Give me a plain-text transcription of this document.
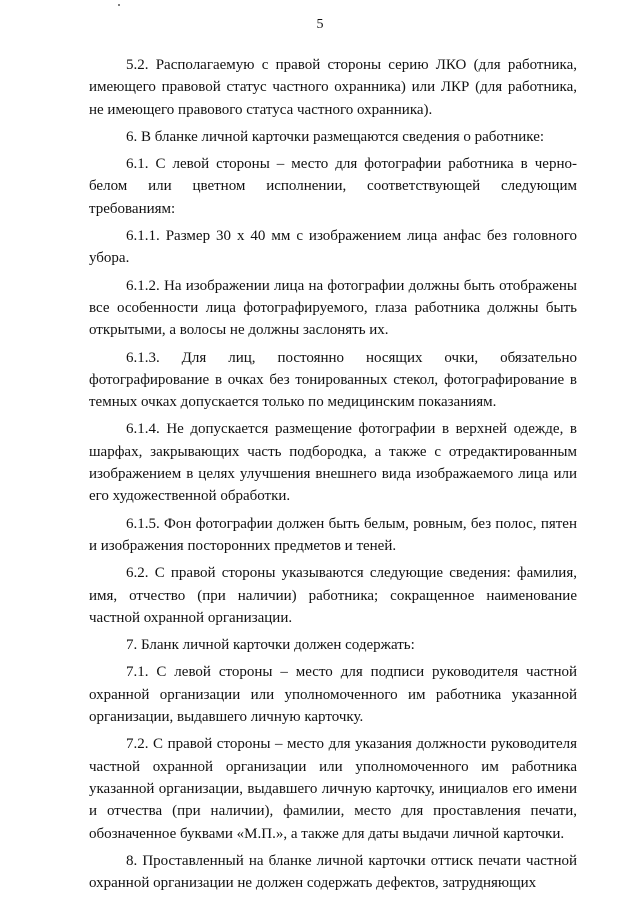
5

5.2. Располагаемую с правой стороны серию ЛКО (для работника, имеющего правовой статус частного охранника) или ЛКР (для работника, не имеющего правового статуса частного охранника).

6. В бланке личной карточки размещаются сведения о работнике:

6.1. С левой стороны – место для фотографии работника в черно-белом или цветном исполнении, соответствующей следующим требованиям:

6.1.1. Размер 30 х 40 мм с изображением лица анфас без головного убора.

6.1.2. На изображении лица на фотографии должны быть отображены все особенности лица фотографируемого, глаза работника должны быть открытыми, а волосы не должны заслонять их.

6.1.3. Для лиц, постоянно носящих очки, обязательно фотографирование в очках без тонированных стекол, фотографирование в темных очках допускается только по медицинским показаниям.

6.1.4. Не допускается размещение фотографии в верхней одежде, в шарфах, закрывающих часть подбородка, а также с отредактированным изображением в целях улучшения внешнего вида изображаемого лица или его художественной обработки.

6.1.5. Фон фотографии должен быть белым, ровным, без полос, пятен и изображения посторонних предметов и теней.

6.2. С правой стороны указываются следующие сведения: фамилия, имя, отчество (при наличии) работника; сокращенное наименование частной охранной организации.

7. Бланк личной карточки должен содержать:

7.1. С левой стороны – место для подписи руководителя частной охранной организации или уполномоченного им работника указанной организации, выдавшего личную карточку.

7.2. С правой стороны – место для указания должности руководителя частной охранной организации или уполномоченного им работника указанной организации, выдавшего личную карточку, инициалов его имени и отчества (при наличии), фамилии, место для проставления печати, обозначенное буквами «М.П.», а также для даты выдачи личной карточки.

8. Проставленный на бланке личной карточки оттиск печати частной охранной организации не должен содержать дефектов, затрудняющих
